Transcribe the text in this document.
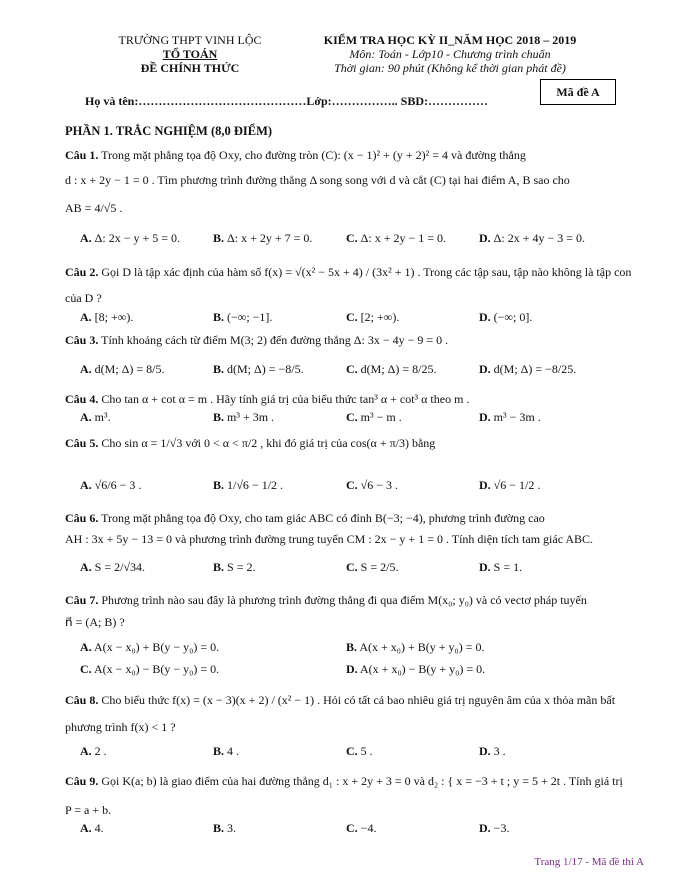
TRƯỜNG THPT VINH LỘC
TỔ TOÁN
ĐỀ CHÍNH THỨC
KIỂM TRA HỌC KỲ II_NĂM HỌC 2018 – 2019
Môn: Toán - Lớp10 - Chương trình chuẩn
Thời gian: 90 phút (Không kể thời gian phát đề)
Họ và tên:……………………………………Lớp:…………….. SBD:……………
Mã đề A
PHẦN 1. TRẮC NGHIỆM (8,0 ĐIỂM)
Câu 1. Trong mặt phẳng tọa độ Oxy, cho đường tròn (C): (x − 1)² + (y + 2)² = 4 và đường thẳng
d : x + 2y − 1 = 0 . Tìm phương trình đường thẳng Δ song song với d và cắt (C) tại hai điểm A, B sao cho
AB = 4/√5 .
A. Δ: 2x − y + 5 = 0.	B. Δ: x + 2y + 7 = 0.	C. Δ: x + 2y − 1 = 0.	D. Δ: 2x + 4y − 3 = 0.
Câu 2. Gọi D là tập xác định của hàm số f(x) = √(x² − 5x + 4) / (3x² + 1) . Trong các tập sau, tập nào không là tập con
của D ?
A. [8; +∞).	B. (−∞; −1].	C. [2; +∞).	D. (−∞; 0].
Câu 3. Tính khoảng cách từ điểm M(3; 2) đến đường thẳng Δ: 3x − 4y − 9 = 0 .
A. d(M; Δ) = 8/5.	B. d(M; Δ) = −8/5.	C. d(M; Δ) = 8/25.	D. d(M; Δ) = −8/25.
Câu 4. Cho tan α + cot α = m . Hãy tính giá trị của biểu thức tan³ α + cot³ α theo m .
A. m³.	B. m³ + 3m .	C. m³ − m .	D. m³ − 3m .
Câu 5. Cho sin α = 1/√3 với 0 < α < π/2 , khi đó giá trị của cos(α + π/3) bằng
A. √6/6 − 3 .	B. 1/√6 − 1/2 .	C. √6 − 3 .	D. √6 − 1/2 .
Câu 6. Trong mặt phẳng tọa độ Oxy, cho tam giác ABC có đỉnh B(−3; −4), phương trình đường cao
AH : 3x + 5y − 13 = 0 và phương trình đường trung tuyến CM : 2x − y + 1 = 0 . Tính diện tích tam giác ABC.
A. S = 2/√34.	B. S = 2.	C. S = 2/5.	D. S = 1.
Câu 7. Phương trình nào sau đây là phương trình đường thẳng đi qua điểm M(x₀; y₀) và có vectơ pháp tuyến
n⃗ = (A; B) ?
A. A(x − x₀) + B(y − y₀) = 0.	B. A(x + x₀) + B(y + y₀) = 0.
C. A(x − x₀) − B(y − y₀) = 0.	D. A(x + x₀) − B(y + y₀) = 0.
Câu 8. Cho biểu thức f(x) = (x − 3)(x + 2) / (x² − 1) . Hỏi có tất cả bao nhiêu giá trị nguyên âm của x thỏa mãn bất
phương trình f(x) < 1 ?
A. 2 .	B. 4 .	C. 5 .	D. 3 .
Câu 9. Gọi K(a; b) là giao điểm của hai đường thẳng d₁ : x + 2y + 3 = 0 và d₂ : { x = −3 + t ; y = 5 + 2t . Tính giá trị
P = a + b.
A. 4.	B. 3.	C. −4.	D. −3.
Trang 1/17 - Mã đề thi A
